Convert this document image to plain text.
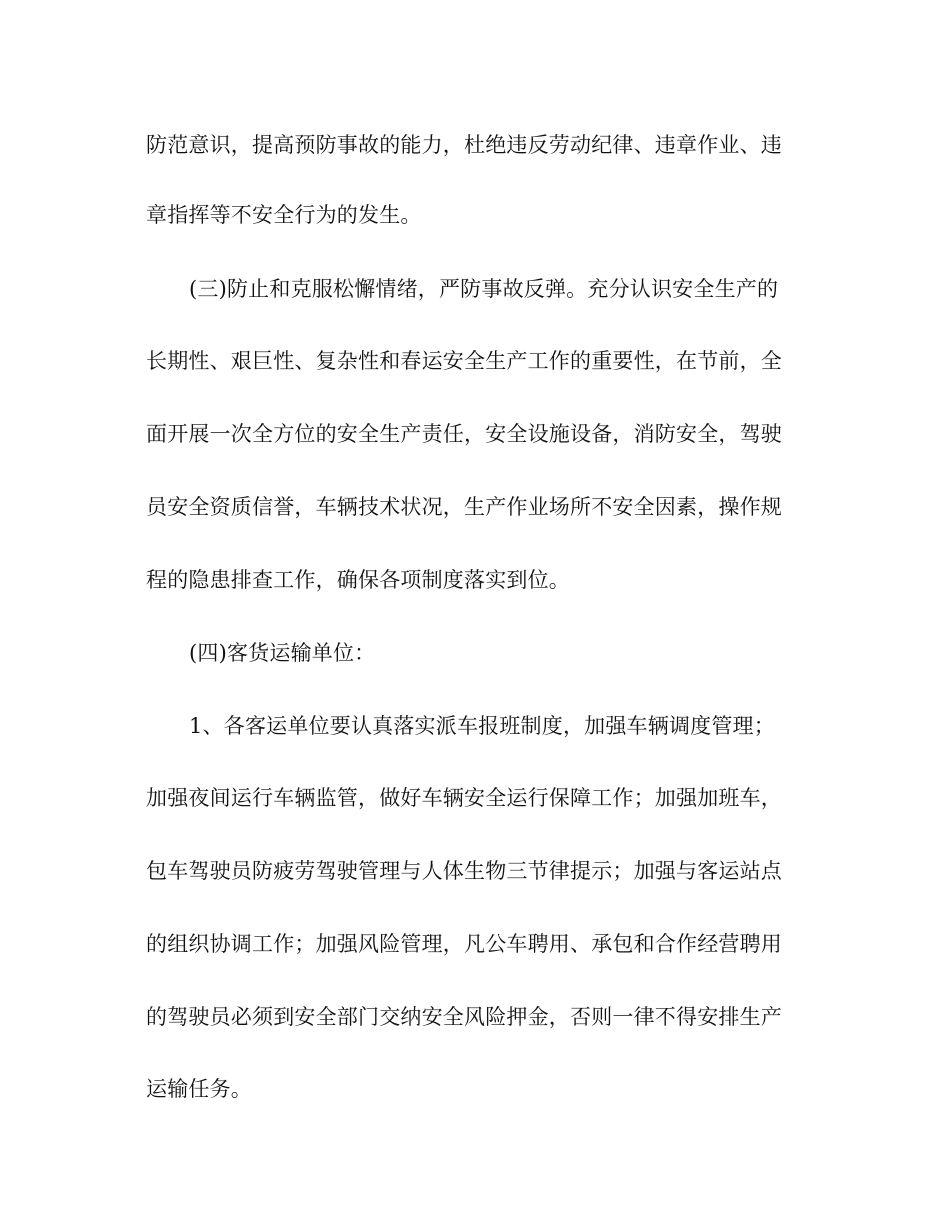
防范意识，提高预防事故的能力，杜绝违反劳动纪律、违章作业、违
章指挥等不安全行为的发生。
(三)防止和克服松懈情绪，严防事故反弹。充分认识安全生产的
长期性、艰巨性、复杂性和春运安全生产工作的重要性，在节前，全
面开展一次全方位的安全生产责任，安全设施设备，消防安全，驾驶
员安全资质信誉，车辆技术状况，生产作业场所不安全因素，操作规
程的隐患排查工作，确保各项制度落实到位。
(四)客货运输单位：
1、各客运单位要认真落实派车报班制度，加强车辆调度管理；
加强夜间运行车辆监管，做好车辆安全运行保障工作；加强加班车，
包车驾驶员防疲劳驾驶管理与人体生物三节律提示；加强与客运站点
的组织协调工作；加强风险管理，凡公车聘用、承包和合作经营聘用
的驾驶员必须到安全部门交纳安全风险押金，否则一律不得安排生产
运输任务。
